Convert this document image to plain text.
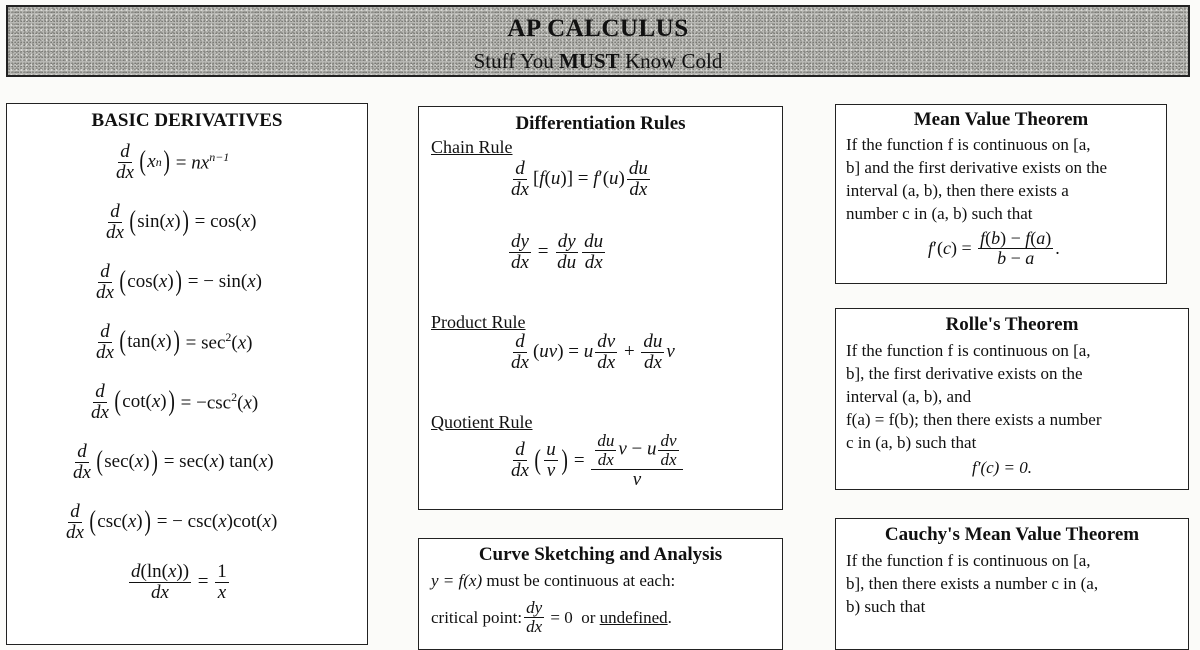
AP CALCULUS
Stuff You MUST Know Cold
BASIC DERIVATIVES
$\frac{d}{dx}$ ( x n ) = $nx^{n-1}$
$\frac{d}{dx}$ ( sin( x ) ) = cos(x)
$\frac{d}{dx}$ ( cos( x ) ) = − sin(x)
$\frac{d}{dx}$ ( tan( x ) ) = $\sec^2(x)$
$\frac{d}{dx}$ ( cot( x ) ) = $-\csc^2(x)$
$\frac{d}{dx}$ ( sec( x ) ) = sec(x) tan(x)
$\frac{d}{dx}$ ( csc( x ) ) = − csc(x)cot(x)
$\frac{d(\ln(x))}{dx} = \frac{1}{x}$
Differentiation Rules
Chain Rule
$\frac{d}{dx} [f(u)] = f'(u) \frac{du}{dx}$
$\frac{dy}{dx} = \frac{dy}{du} \frac{du}{dx}$
Product Rule
$\frac{d}{dx} (uv) = u \frac{dv}{dx} + \frac{du}{dx}$ v
Quotient Rule
$\frac{d}{dx}$ ( $\frac{u}{v}$ ) = $\frac{\frac{du}{dx} v - u \frac{dv}{dx}}{v}$
Curve Sketching and Analysis
y = f(x) must be continuous at each:
critical point: $\frac{dy}{dx} = 0$  or undefined .
Mean Value Theorem
If the function f is continuous on [a,
b] and the first derivative exists on the
interval (a, b), then there exists a
number c in (a, b) such that
$f'(c) = \frac{f(b) - f(a)}{b - a}$ .
Rolle's Theorem
If the function f is continuous on [a,
b], the first derivative exists on the
interval (a, b), and
f(a) = f(b); then there exists a number
c in (a, b) such that
f′(c) = 0.
Cauchy's Mean Value Theorem
If the function f is continuous on [a,
b], then there exists a number c in (a,
b) such that
